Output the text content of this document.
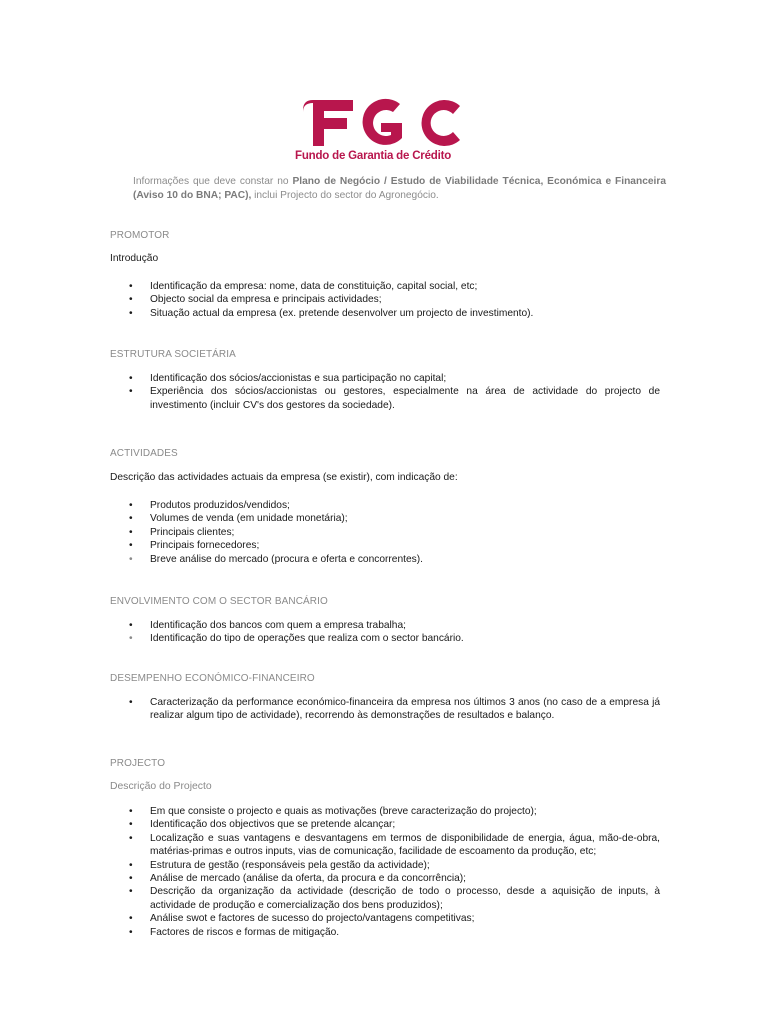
Fundo de Garantia de Crédito
Informações que deve constar no Plano de Negócio / Estudo de Viabilidade Técnica, Económica e Financeira (Aviso 10 do BNA; PAC), inclui Projecto do sector do Agronegócio.
PROMOTOR
Introdução
• Identificação da empresa: nome, data de constituição, capital social, etc;
• Objecto social da empresa e principais actividades;
• Situação actual da empresa (ex. pretende desenvolver um projecto de investimento).
ESTRUTURA SOCIETÁRIA
• Identificação dos sócios/accionistas e sua participação no capital;
• Experiência dos sócios/accionistas ou gestores, especialmente na área de actividade do projecto de investimento (incluir CV's dos gestores da sociedade).
ACTIVIDADES
Descrição das actividades actuais da empresa (se existir), com indicação de:
• Produtos produzidos/vendidos;
• Volumes de venda (em unidade monetária);
• Principais clientes;
• Principais fornecedores;
• Breve análise do mercado (procura e oferta e concorrentes).
ENVOLVIMENTO COM O SECTOR BANCÁRIO
• Identificação dos bancos com quem a empresa trabalha;
• Identificação do tipo de operações que realiza com o sector bancário.
DESEMPENHO ECONÓMICO-FINANCEIRO
• Caracterização da performance económico-financeira da empresa nos últimos 3 anos (no caso de a empresa já realizar algum tipo de actividade), recorrendo às demonstrações de resultados e balanço.
PROJECTO
Descrição do Projecto
• Em que consiste o projecto e quais as motivações (breve caracterização do projecto);
• Identificação dos objectivos que se pretende alcançar;
• Localização e suas vantagens e desvantagens em termos de disponibilidade de energia, água, mão-de-obra, matérias-primas e outros inputs, vias de comunicação, facilidade de escoamento da produção, etc;
• Estrutura de gestão (responsáveis pela gestão da actividade);
• Análise de mercado (análise da oferta, da procura e da concorrência);
• Descrição da organização da actividade (descrição de todo o processo, desde a aquisição de inputs, à actividade de produção e comercialização dos bens produzidos);
• Análise swot e factores de sucesso do projecto/vantagens competitivas;
• Factores de riscos e formas de mitigação.
